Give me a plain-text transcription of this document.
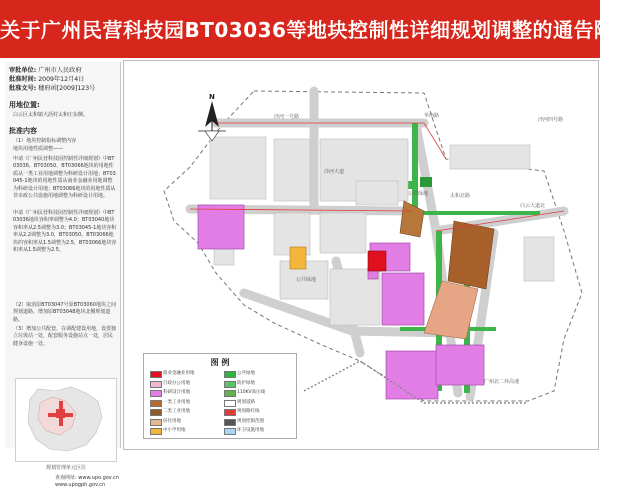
关于广州民营科技园BT03036等地块控制性详细规划调整的通告附图
审批单位: 广州市人民政府
批准时间: 2009年12月4日
批准文号: 穗府函[2009]123号
用地位置:
白云区太和镇大沥村太和庄东侧。
批准内容
（1）地块控制指标调整内容
地块用地性质调整——
申请《广州民营科技园控制性详细规划》中BT03036、BT03050、BT03066地块的用地性质从一类工业用地调整为科研设计用地；BT03045-1地块的用地性质从商业金融业用地调整为科研设计用地；BT03066地块的用地性质从非市政公共设施用地调整为科研设计用地。
申请《广州民营科技园控制性详细规划》中BT03036地块容积率调整为4.0；BT03040地块容积率从2.5调整为3.0；BT03045-1地块容积率从2.2调整为3.0，BT03050、BT03066地块的容积率从1.5调整为2.5，BT03066地块容积率从1.5调整为2.5。
（2）取消原BT03047号原BT03060地块之间规划道路，增加原BT03048地块北侧规划道路。
（3）增加公共配套，在调配建设用地，设置独立垃圾站一处，配套服务设施站点一处，居民健身设施一处。
规划管理单元区位
查询网址: www.upo.gov.cn
www.upogph.gov.cn
N
沙河一号路	华南路
太和北路
白云大道北
广州北二环高速
沙河大道
沙河四号路
公共绿地
公共绿地
图 例
商业金融业用地	公共绿地
行政办公用地	防护绿地
科研设计用地	110KV高压线
一类工业用地	规划道路
二类工业用地	规划路红线
居住用地	规划控制范围
中小学用地	环卫设施用地
